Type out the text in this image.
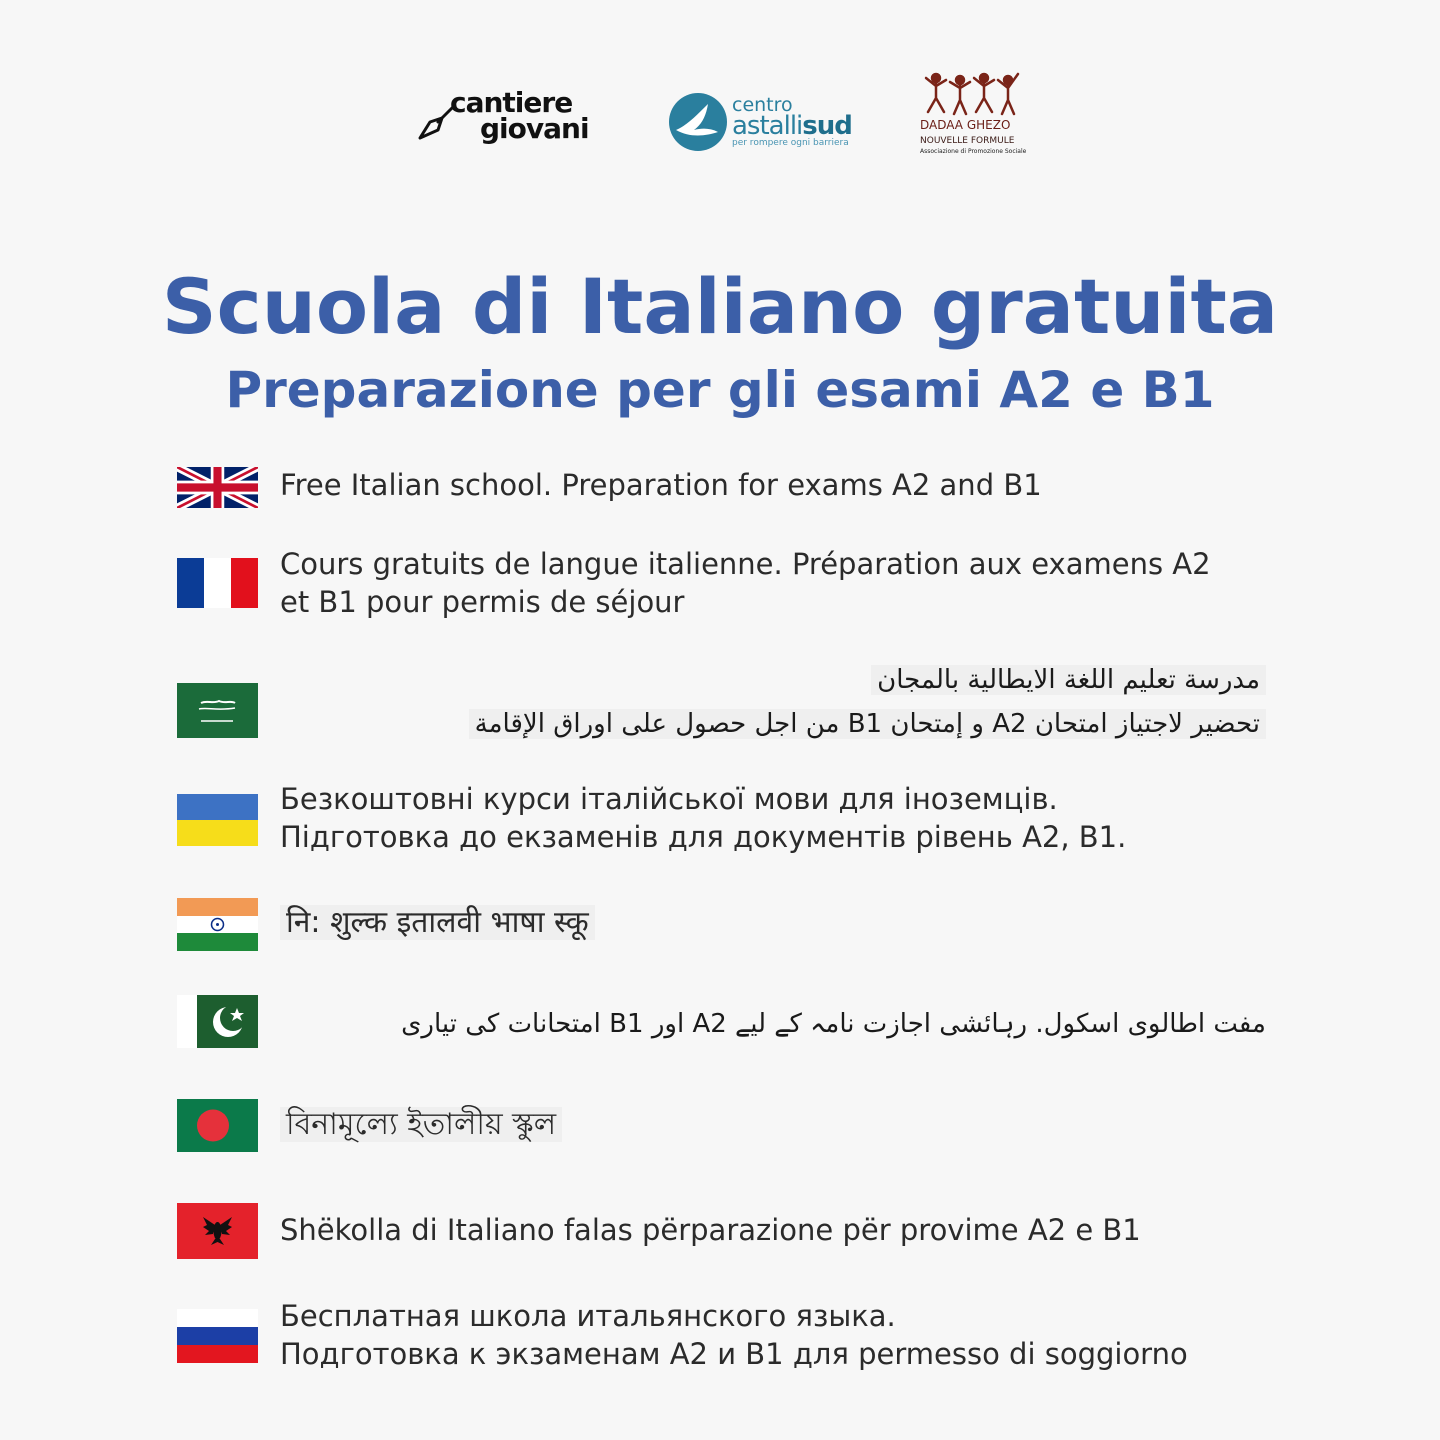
cantiere
giovani
centro
astallisud
per rompere ogni barriera
DADAA GHEZO
NOUVELLE FORMULE
Associazione di Promozione Sociale
Scuola di Italiano gratuita
Preparazione per gli esami A2 e B1
Free Italian school. Preparation for exams A2 and B1
Cours gratuits de langue italienne. Préparation aux examens A2
et B1 pour permis de séjour
مدرسة تعليم اللغة الايطالية بالمجان
تحضير لاجتياز امتحان A2 و إمتحان B1 من اجل حصول على اوراق الإقامة
Безкоштовні курси італійської мови для іноземців.
Підготовка до екзаменів для документів рівень A2, B1.
नि: शुल्क इतालवी भाषा स्कू
مفت اطالوی اسکول. رہائشی اجازت نامہ کے لیے A2 اور B1 امتحانات کی تیاری
বিনামূল্যে ইতালীয় স্কুল
Shëkolla di Italiano falas përparazione për provime A2 e B1
Бесплатная школа итальянского языка.
Подготовка к экзаменам A2 и B1 для permesso di soggiorno
